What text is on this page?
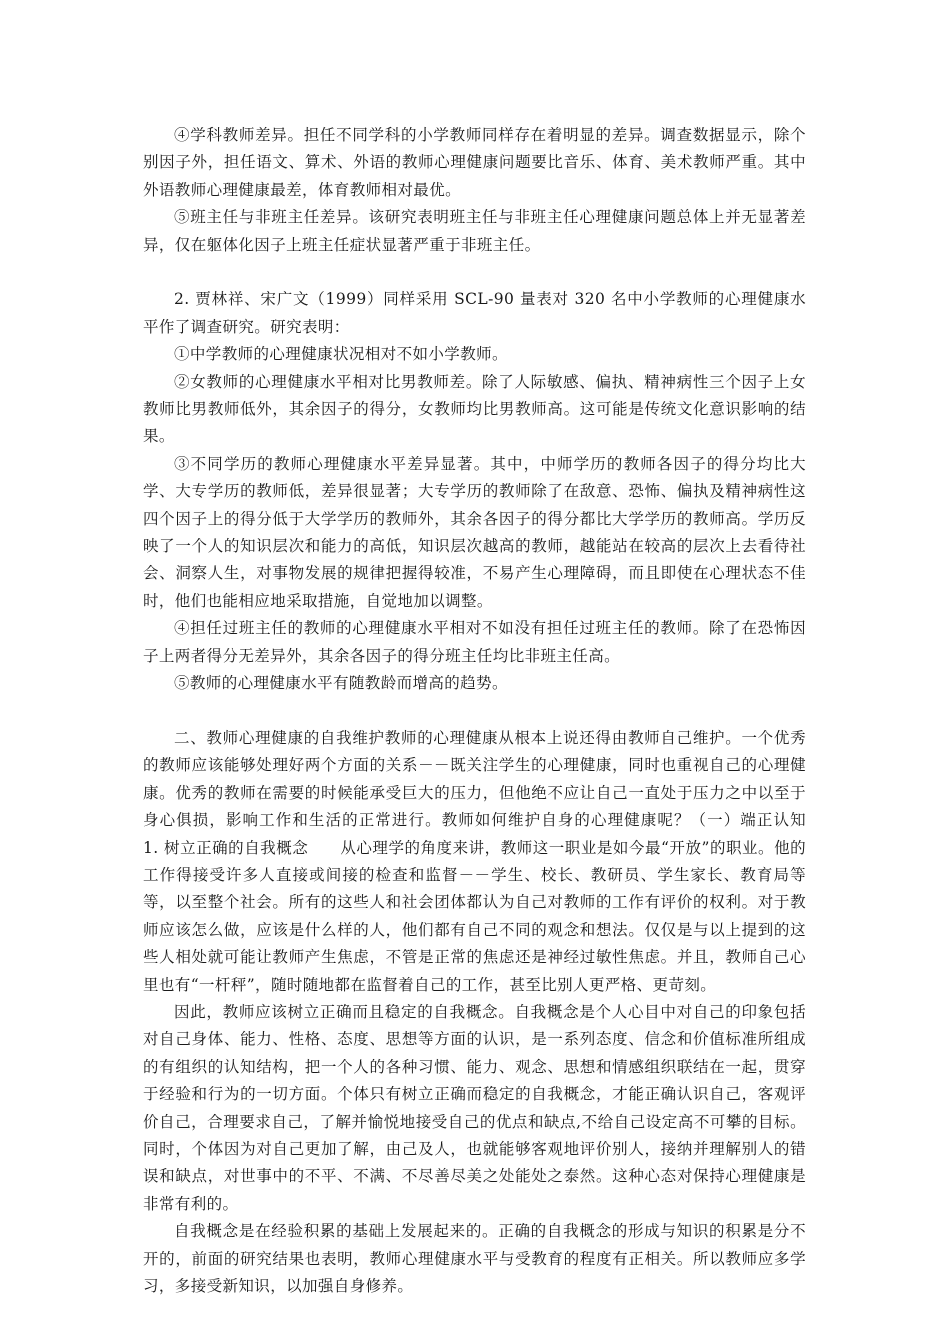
④学科教师差异。担任不同学科的小学教师同样存在着明显的差异。调查数据显示，除个别因子外，担任语文、算术、外语的教师心理健康问题要比音乐、体育、美术教师严重。其中外语教师心理健康最差，体育教师相对最优。

⑤班主任与非班主任差异。该研究表明班主任与非班主任心理健康问题总体上并无显著差异，仅在躯体化因子上班主任症状显著严重于非班主任。

2. 贾林祥、宋广文（1999）同样采用 SCL-90 量表对 320 名中小学教师的心理健康水平作了调查研究。研究表明：

①中学教师的心理健康状况相对不如小学教师。

②女教师的心理健康水平相对比男教师差。除了人际敏感、偏执、精神病性三个因子上女教师比男教师低外，其余因子的得分，女教师均比男教师高。这可能是传统文化意识影响的结果。

③不同学历的教师心理健康水平差异显著。其中，中师学历的教师各因子的得分均比大学、大专学历的教师低，差异很显著；大专学历的教师除了在敌意、恐怖、偏执及精神病性这四个因子上的得分低于大学学历的教师外，其余各因子的得分都比大学学历的教师高。学历反映了一个人的知识层次和能力的高低，知识层次越高的教师，越能站在较高的层次上去看待社会、洞察人生，对事物发展的规律把握得较准，不易产生心理障碍，而且即使在心理状态不佳时，他们也能相应地采取措施，自觉地加以调整。

④担任过班主任的教师的心理健康水平相对不如没有担任过班主任的教师。除了在恐怖因子上两者得分无差异外，其余各因子的得分班主任均比非班主任高。

⑤教师的心理健康水平有随教龄而增高的趋势。

二、教师心理健康的自我维护教师的心理健康从根本上说还得由教师自己维护。一个优秀的教师应该能够处理好两个方面的关系－－既关注学生的心理健康，同时也重视自己的心理健康。优秀的教师在需要的时候能承受巨大的压力，但他绝不应让自己一直处于压力之中以至于身心俱损，影响工作和生活的正常进行。教师如何维护自身的心理健康呢？（一）端正认知　　1. 树立正确的自我概念　　从心理学的角度来讲，教师这一职业是如今最“开放”的职业。他的工作得接受许多人直接或间接的检查和监督－－学生、校长、教研员、学生家长、教育局等等，以至整个社会。所有的这些人和社会团体都认为自己对教师的工作有评价的权利。对于教师应该怎么做，应该是什么样的人，他们都有自己不同的观念和想法。仅仅是与以上提到的这些人相处就可能让教师产生焦虑，不管是正常的焦虑还是神经过敏性焦虑。并且，教师自己心里也有“一杆秤”，随时随地都在监督着自己的工作，甚至比别人更严格、更苛刻。

因此，教师应该树立正确而且稳定的自我概念。自我概念是个人心目中对自己的印象包括对自己身体、能力、性格、态度、思想等方面的认识，是一系列态度、信念和价值标准所组成的有组织的认知结构，把一个人的各种习惯、能力、观念、思想和情感组织联结在一起，贯穿于经验和行为的一切方面。个体只有树立正确而稳定的自我概念，才能正确认识自己，客观评价自己，合理要求自己，了解并愉悦地接受自己的优点和缺点,不给自己设定高不可攀的目标。同时，个体因为对自己更加了解，由己及人，也就能够客观地评价别人，接纳并理解别人的错误和缺点，对世事中的不平、不满、不尽善尽美之处能处之泰然。这种心态对保持心理健康是非常有利的。

自我概念是在经验积累的基础上发展起来的。正确的自我概念的形成与知识的积累是分不开的，前面的研究结果也表明，教师心理健康水平与受教育的程度有正相关。所以教师应多学习，多接受新知识，以加强自身修养。
